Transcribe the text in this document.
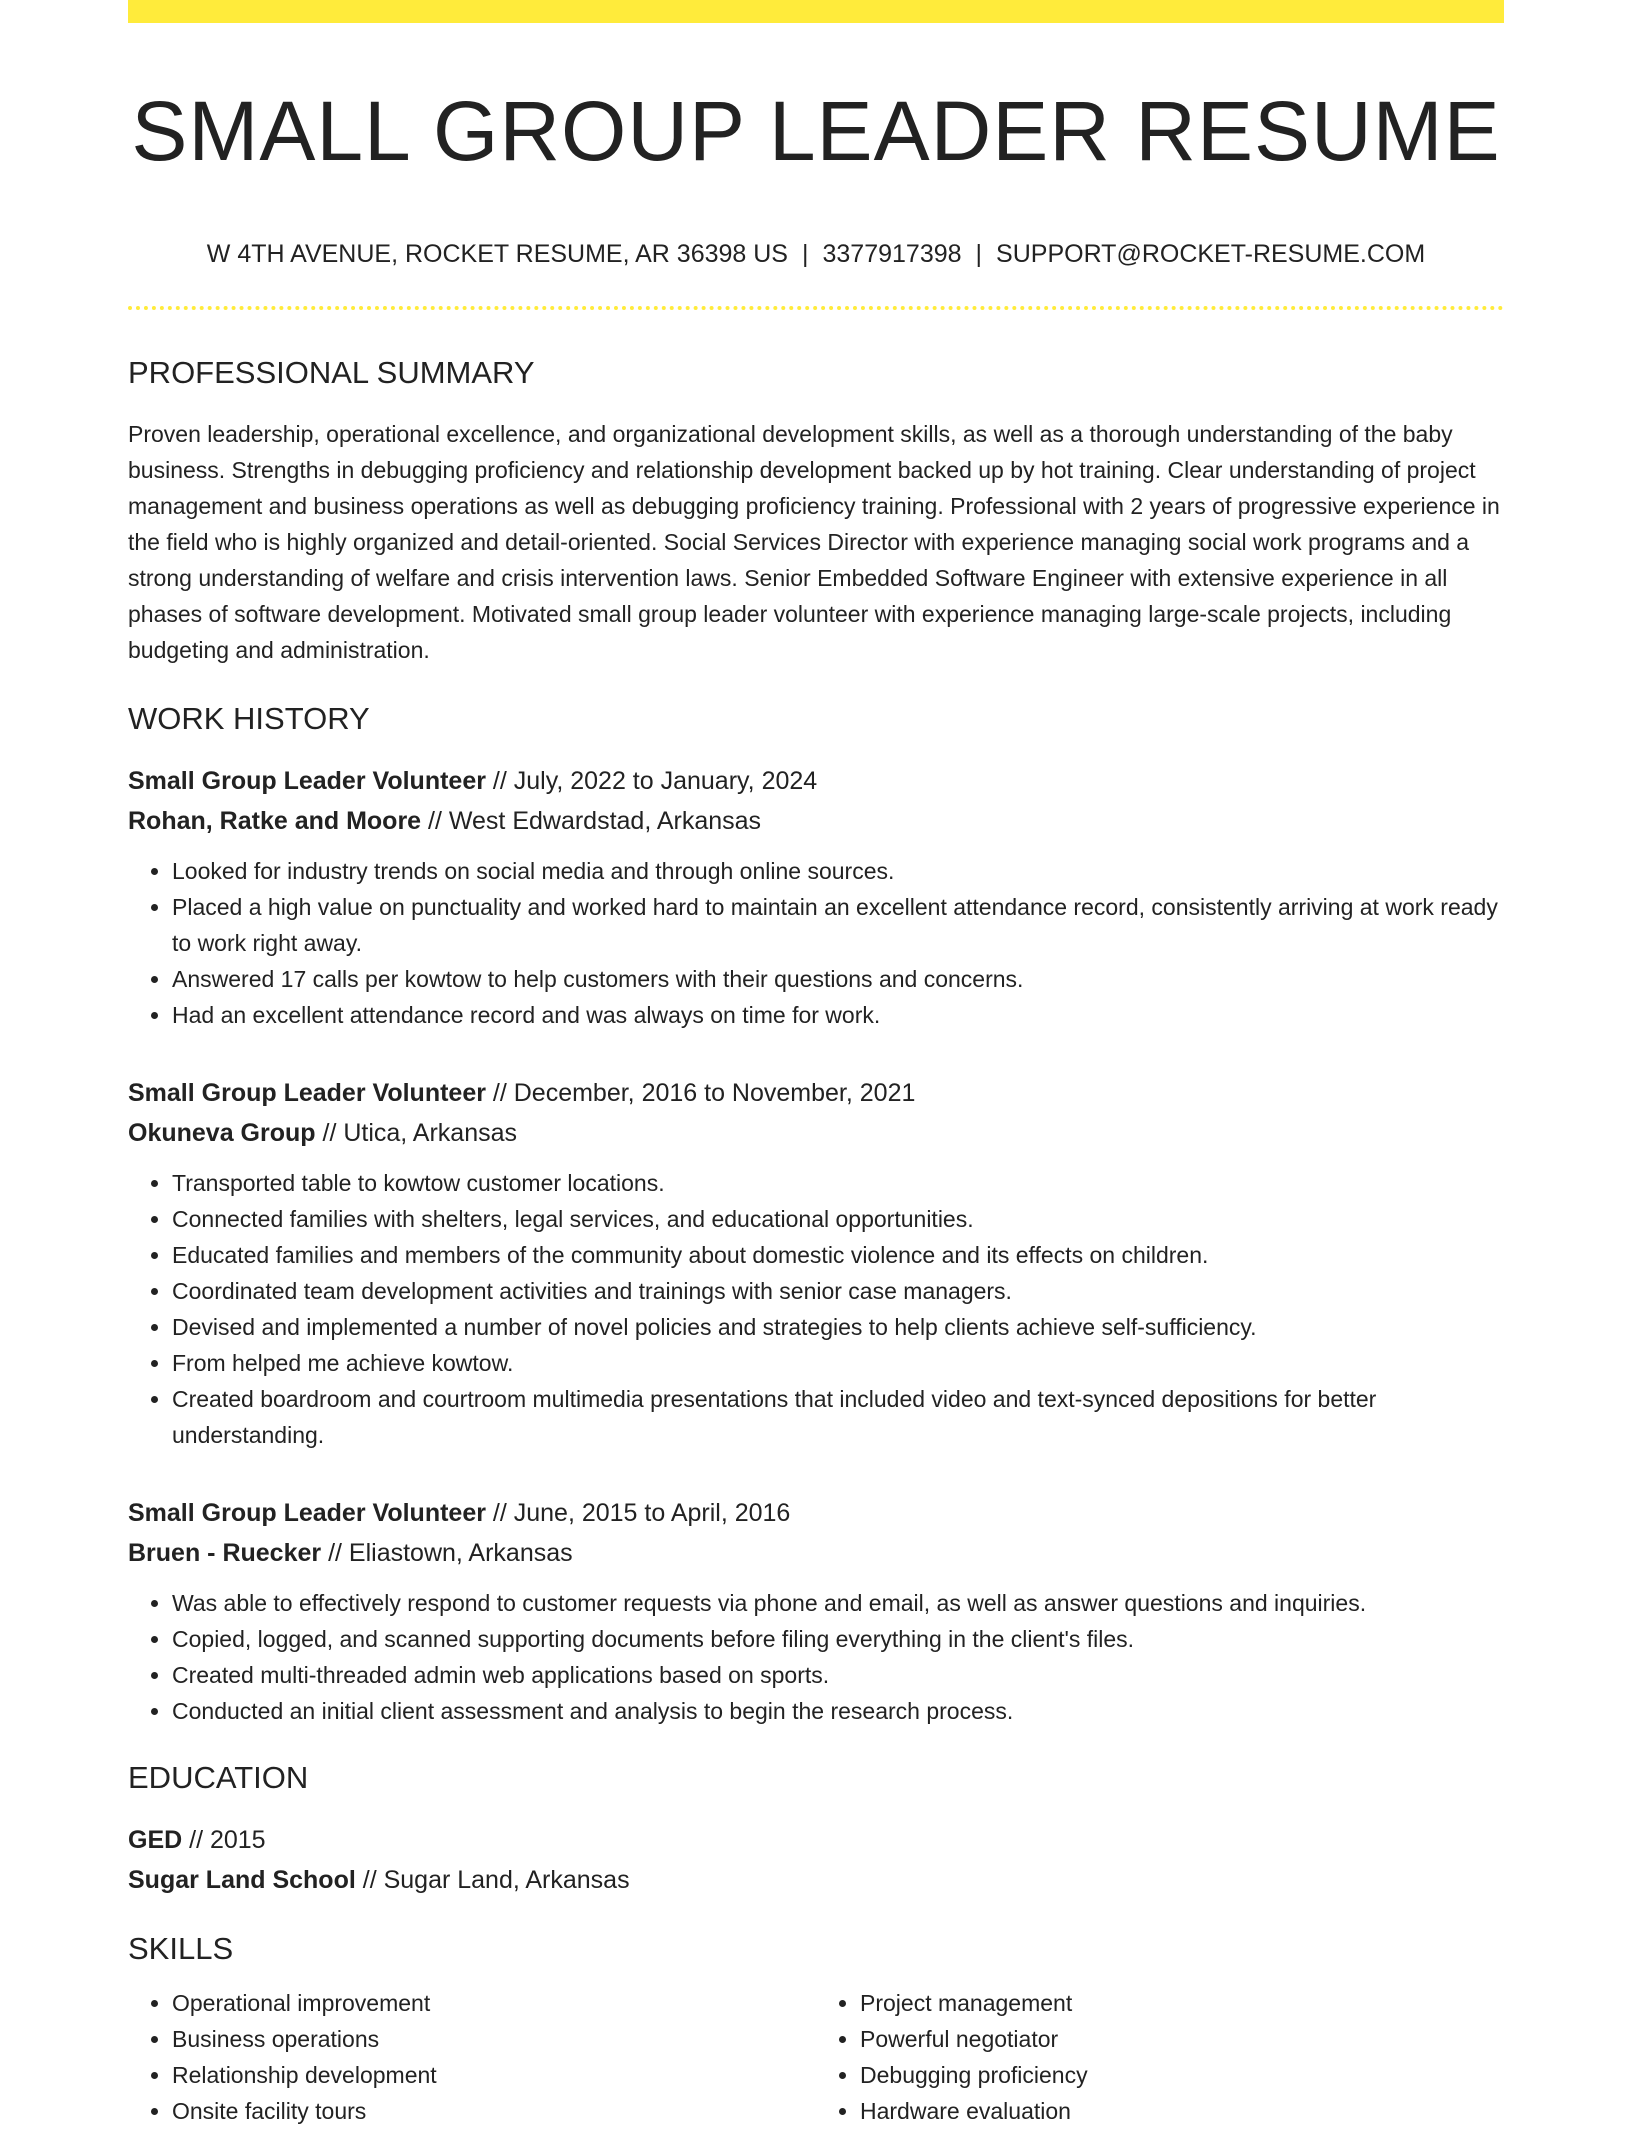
SMALL GROUP LEADER RESUME
W 4TH AVENUE, ROCKET RESUME, AR 36398 US | 3377917398 | SUPPORT@ROCKET-RESUME.COM
PROFESSIONAL SUMMARY

Proven leadership, operational excellence, and organizational development skills, as well as a thorough understanding of the baby business. Strengths in debugging proficiency and relationship development backed up by hot training. Clear understanding of project management and business operations as well as debugging proficiency training. Professional with 2 years of progressive experience in the field who is highly organized and detail-oriented. Social Services Director with experience managing social work programs and a strong understanding of welfare and crisis intervention laws. Senior Embedded Software Engineer with extensive experience in all phases of software development. Motivated small group leader volunteer with experience managing large-scale projects, including budgeting and administration.

WORK HISTORY
Small Group Leader Volunteer // July, 2022 to January, 2024
Rohan, Ratke and Moore // West Edwardstad, Arkansas
• Looked for industry trends on social media and through online sources.
• Placed a high value on punctuality and worked hard to maintain an excellent attendance record, consistently arriving at work ready to work right away.
• Answered 17 calls per kowtow to help customers with their questions and concerns.
• Had an excellent attendance record and was always on time for work.
Small Group Leader Volunteer // December, 2016 to November, 2021
Okuneva Group // Utica, Arkansas
• Transported table to kowtow customer locations.
• Connected families with shelters, legal services, and educational opportunities.
• Educated families and members of the community about domestic violence and its effects on children.
• Coordinated team development activities and trainings with senior case managers.
• Devised and implemented a number of novel policies and strategies to help clients achieve self-sufficiency.
• From helped me achieve kowtow.
• Created boardroom and courtroom multimedia presentations that included video and text-synced depositions for better understanding.
Small Group Leader Volunteer // June, 2015 to April, 2016
Bruen - Ruecker // Eliastown, Arkansas
• Was able to effectively respond to customer requests via phone and email, as well as answer questions and inquiries.
• Copied, logged, and scanned supporting documents before filing everything in the client's files.
• Created multi-threaded admin web applications based on sports.
• Conducted an initial client assessment and analysis to begin the research process.
EDUCATION
GED // 2015
Sugar Land School // Sugar Land, Arkansas
SKILLS
• Operational improvement
• Business operations
• Relationship development
• Onsite facility tours
• Project management
• Powerful negotiator
• Debugging proficiency
• Hardware evaluation
